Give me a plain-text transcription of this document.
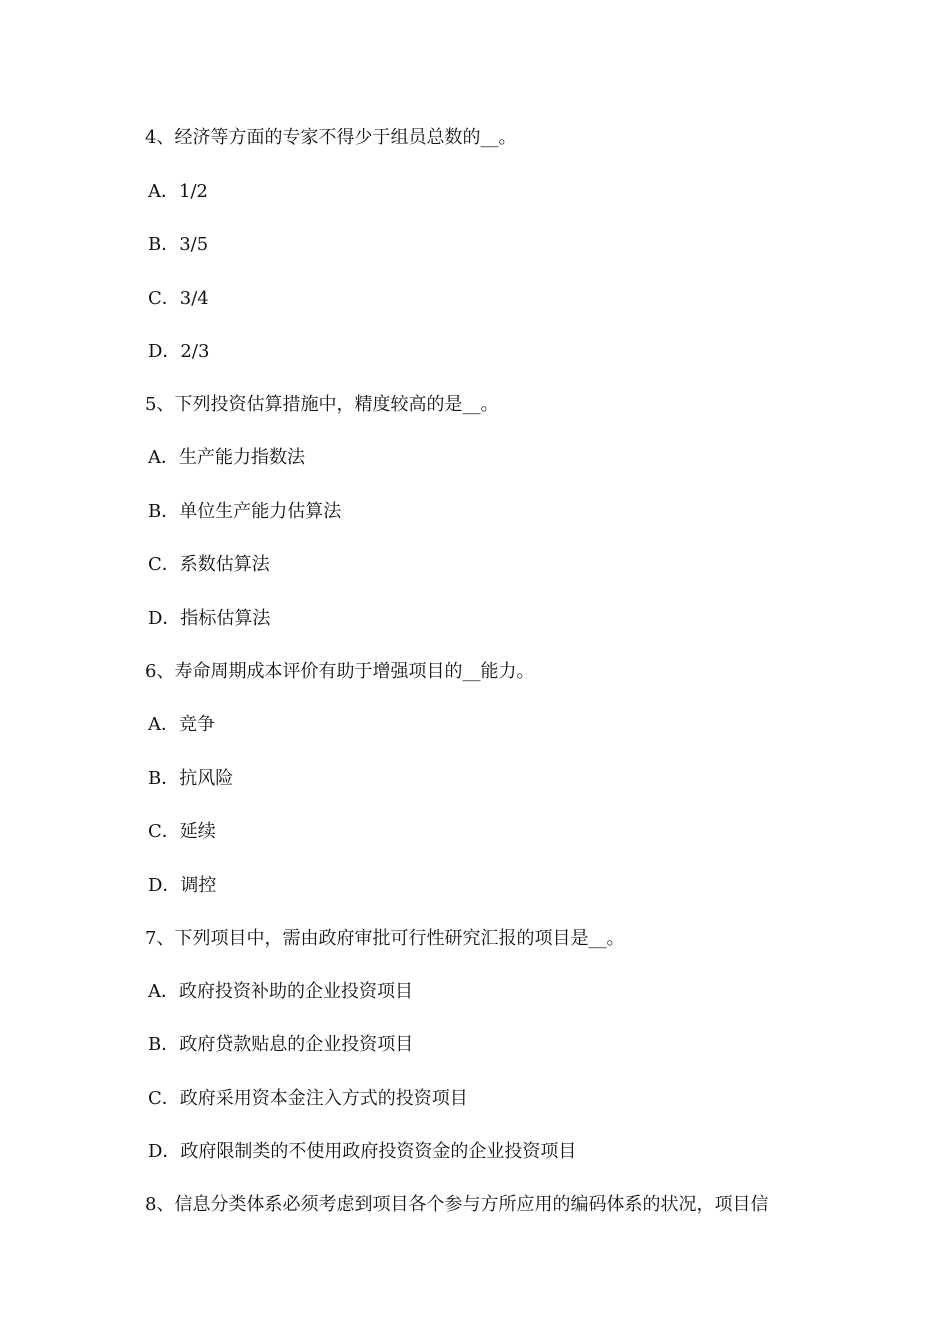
4、经济等方面的专家不得少于组员总数的__。
A．1/2
B．3/5
C．3/4
D．2/3
5、下列投资估算措施中，精度较高的是__。
A．生产能力指数法
B．单位生产能力估算法
C．系数估算法
D．指标估算法
6、寿命周期成本评价有助于增强项目的__能力。
A．竞争
B．抗风险
C．延续
D．调控
7、下列项目中，需由政府审批可行性研究汇报的项目是__。
A．政府投资补助的企业投资项目
B．政府贷款贴息的企业投资项目
C．政府采用资本金注入方式的投资项目
D．政府限制类的不使用政府投资资金的企业投资项目
8、信息分类体系必须考虑到项目各个参与方所应用的编码体系的状况，项目信
